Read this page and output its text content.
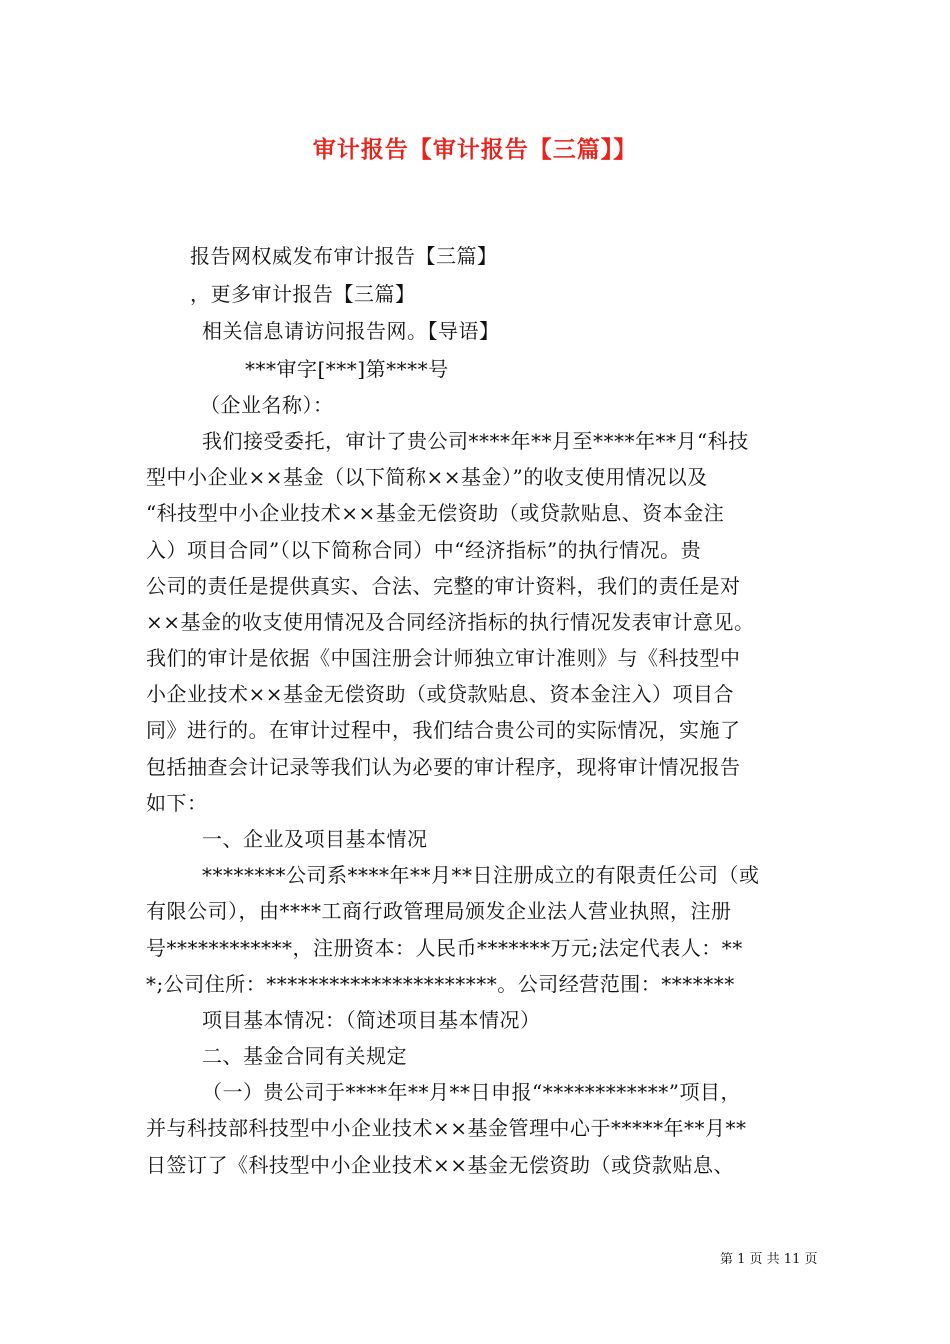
审计报告【审计报告【三篇】】
报告网权威发布审计报告【三篇】
，更多审计报告【三篇】
相关信息请访问报告网。【导语】
***审字[***]第****号
（企业名称）：
我们接受委托，审计了贵公司****年**月至****年**月“科技
型中小企业××基金（以下简称××基金）”的收支使用情况以及
“科技型中小企业技术××基金无偿资助（或贷款贴息、资本金注
入）项目合同”（以下简称合同）中“经济指标”的执行情况。贵
公司的责任是提供真实、合法、完整的审计资料，我们的责任是对
××基金的收支使用情况及合同经济指标的执行情况发表审计意见。
我们的审计是依据《中国注册会计师独立审计准则》与《科技型中
小企业技术××基金无偿资助（或贷款贴息、资本金注入）项目合
同》进行的。在审计过程中，我们结合贵公司的实际情况，实施了
包括抽查会计记录等我们认为必要的审计程序，现将审计情况报告
如下：
一、企业及项目基本情况
********公司系****年**月**日注册成立的有限责任公司（或
有限公司），由****工商行政管理局颁发企业法人营业执照，注册
号************，注册资本：人民币*******万元;法定代表人：**
*;公司住所：**********************。公司经营范围：*******
项目基本情况：（简述项目基本情况）
二、基金合同有关规定
（一）贵公司于****年**月**日申报“************”项目，
并与科技部科技型中小企业技术××基金管理中心于*****年**月**
日签订了《科技型中小企业技术××基金无偿资助（或贷款贴息、
第 1 页 共 11 页
